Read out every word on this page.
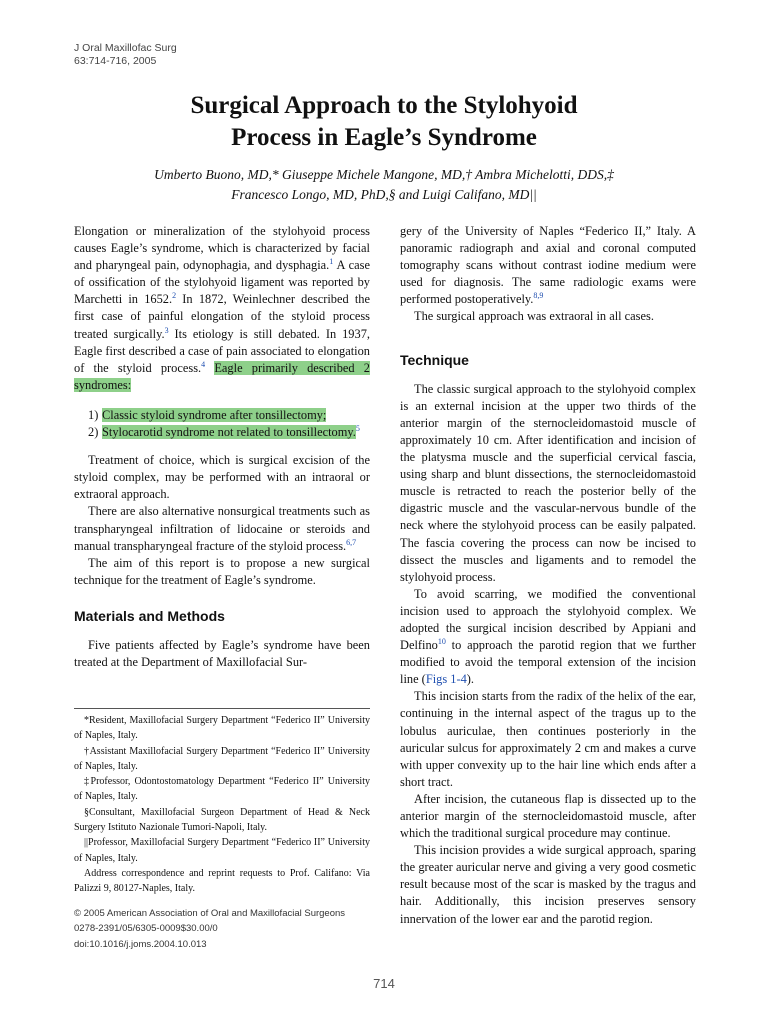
J Oral Maxillofac Surg
63:714-716, 2005
Surgical Approach to the Stylohyoid
Process in Eagle’s Syndrome
Umberto Buono, MD,* Giuseppe Michele Mangone, MD,† Ambra Michelotti, DDS,‡
Francesco Longo, MD, PhD,§ and Luigi Califano, MD||

Elongation or mineralization of the stylohyoid process causes Eagle’s syndrome, which is characterized by facial and pharyngeal pain, odynophagia, and dysphagia.$^1$ A case of ossification of the stylohyoid ligament was reported by Marchetti in 1652.$^2$ In 1872, Weinlechner described the first case of painful elongation of the styloid process treated surgically.$^3$ Its etiology is still debated. In 1937, Eagle first described a case of pain associated to elongation of the styloid process.$^4$ Eagle primarily described 2 syndromes:

1) Classic styloid syndrome after tonsillectomy;
2) Stylocarotid syndrome not related to tonsillectomy.$^5$

Treatment of choice, which is surgical excision of the styloid complex, may be performed with an intraoral or extraoral approach.

There are also alternative nonsurgical treatments such as transpharyngeal infiltration of lidocaine or steroids and manual transpharyngeal fracture of the styloid process.$^{6,7}$

The aim of this report is to propose a new surgical technique for the treatment of Eagle’s syndrome.

Materials and Methods

Five patients affected by Eagle’s syndrome have been treated at the Department of Maxillofacial Sur-

*Resident, Maxillofacial Surgery Department “Federico II” University of Naples, Italy.

†Assistant Maxillofacial Surgery Department “Federico II” University of Naples, Italy.

‡Professor, Odontostomatology Department “Federico II” University of Naples, Italy.

§Consultant, Maxillofacial Surgeon Department of Head & Neck Surgery Istituto Nazionale Tumori-Napoli, Italy.

||Professor, Maxillofacial Surgery Department “Federico II” University of Naples, Italy.

Address correspondence and reprint requests to Prof. Califano: Via Palizzi 9, 80127-Naples, Italy.

© 2005 American Association of Oral and Maxillofacial Surgeons
0278-2391/05/6305-0009$30.00/0
doi:10.1016/j.joms.2004.10.013

gery of the University of Naples “Federico II,” Italy. A panoramic radiograph and axial and coronal computed tomography scans without contrast iodine medium were used for diagnosis. The same radiologic exams were performed postoperatively.$^{8,9}$

The surgical approach was extraoral in all cases.

Technique

The classic surgical approach to the stylohyoid complex is an external incision at the upper two thirds of the anterior margin of the sternocleidomastoid muscle of approximately 10 cm. After identification and incision of the platysma muscle and the superficial cervical fascia, using sharp and blunt dissections, the sternocleidomastoid muscle is retracted to reach the posterior belly of the digastric muscle and the vascular-nervous bundle of the neck where the stylohyoid process can be easily palpated. The fascia covering the process can now be incised to dissect the muscles and ligaments and to remodel the stylohyoid process.

To avoid scarring, we modified the conventional incision used to approach the stylohyoid complex. We adopted the surgical incision described by Appiani and Delfino$^{10}$ to approach the parotid region that we further modified to avoid the temporal extension of the incision line (Figs 1-4).

This incision starts from the radix of the helix of the ear, continuing in the internal aspect of the tragus up to the lobulus auriculae, then continues posteriorly in the auricular sulcus for approximately 2 cm and makes a curve with upper convexity up to the hair line which ends after a short tract.

After incision, the cutaneous flap is dissected up to the anterior margin of the sternocleidomastoid muscle, after which the traditional surgical procedure may continue.

This incision provides a wide surgical approach, sparing the greater auricular nerve and giving a very good cosmetic result because most of the scar is masked by the tragus and hair. Additionally, this incision preserves sensory innervation of the lower ear and the parotid region.

714
